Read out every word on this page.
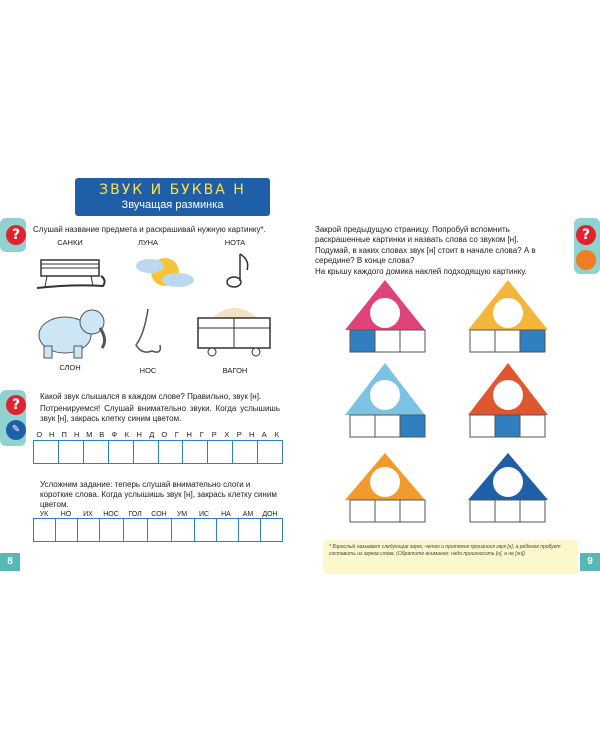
?
?
✎
?
ЗВУК И БУКВА Н
Звучащая разминка
Слушай название предмета и раскрашивай нужную картинку*.
САНКИ	ЛУНА	НОТА
СЛОН	НОС	ВАГОН
Какой звук слышался в каждом слове? Правильно, звук [н].
Потренируемся! Слушай внимательно звуки. Когда услышишь звук [н], закрась клетку синим цветом.
О Н П Н М В Ф К Н Д О Г Н Г Р Х Р Н А К
Усложним задание: теперь слушай внимательно слоги и короткие слова. Когда услышишь звук [н], закрась клетку синим цветом.
УК НО ИХ НОС ГОЛ СОН УМ ИС НА АМ ДОН
8
Закрой предыдущую страницу. Попробуй вспомнить раскрашенные картинки и назвать слова со звуком [н].
Подумай, в каких словах звук [н] стоит в начале слова? А в середине? В конце слова?
На крышу каждого домика наклей подходящую картинку.
* Взрослый называет следующие звуки, четко и протяжно произнося звук [н], а ребенок пробует составить из звуков слова. (Обратите внимание: надо произносить [н], а не [эн])
9
